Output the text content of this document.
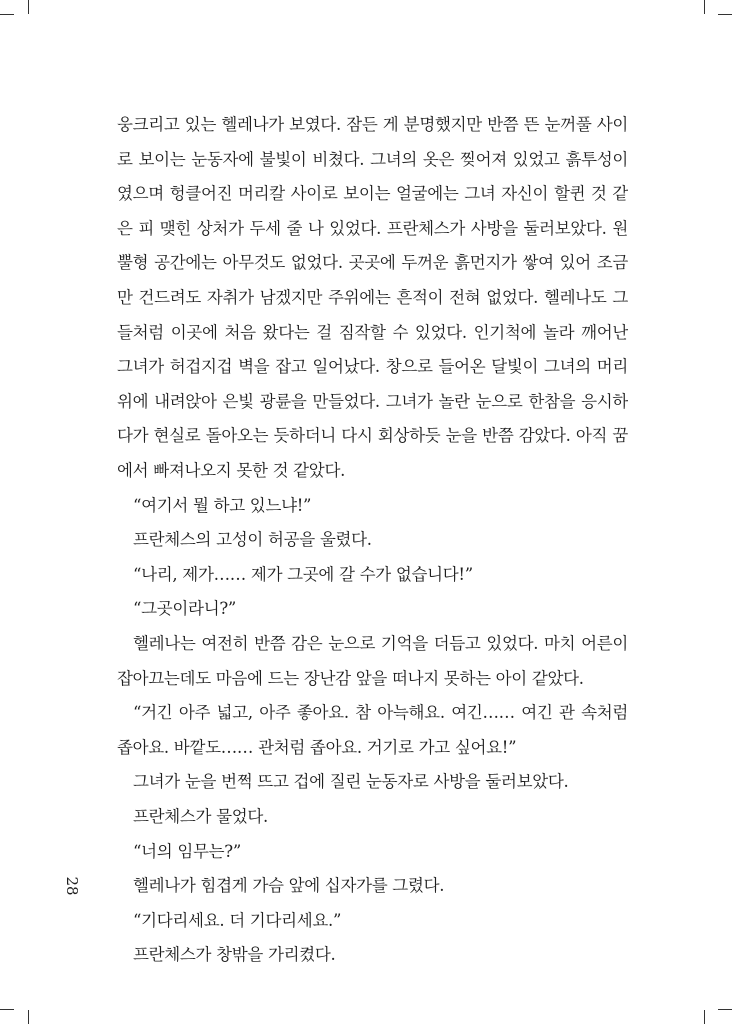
웅크리고 있는 헬레나가 보였다. 잠든 게 분명했지만 반쯤 뜬 눈꺼풀 사이
로 보이는 눈동자에 불빛이 비쳤다. 그녀의 옷은 찢어져 있었고 흙투성이
였으며 헝클어진 머리칼 사이로 보이는 얼굴에는 그녀 자신이 할퀸 것 같
은 피 맺힌 상처가 두세 줄 나 있었다. 프란체스가 사방을 둘러보았다. 원
뿔형 공간에는 아무것도 없었다. 곳곳에 두꺼운 흙먼지가 쌓여 있어 조금
만 건드려도 자취가 남겠지만 주위에는 흔적이 전혀 없었다. 헬레나도 그
들처럼 이곳에 처음 왔다는 걸 짐작할 수 있었다. 인기척에 놀라 깨어난
그녀가 허겁지겁 벽을 잡고 일어났다. 창으로 들어온 달빛이 그녀의 머리
위에 내려앉아 은빛 광륜을 만들었다. 그녀가 놀란 눈으로 한참을 응시하
다가 현실로 돌아오는 듯하더니 다시 회상하듯 눈을 반쯤 감았다. 아직 꿈
에서 빠져나오지 못한 것 같았다.
“여기서 뭘 하고 있느냐!”
프란체스의 고성이 허공을 울렸다.
“나리, 제가…… 제가 그곳에 갈 수가 없습니다!”
“그곳이라니?”
헬레나는 여전히 반쯤 감은 눈으로 기억을 더듬고 있었다. 마치 어른이
잡아끄는데도 마음에 드는 장난감 앞을 떠나지 못하는 아이 같았다.
“거긴 아주 넓고, 아주 좋아요. 참 아늑해요. 여긴…… 여긴 관 속처럼
좁아요. 바깥도…… 관처럼 좁아요. 거기로 가고 싶어요!”
그녀가 눈을 번쩍 뜨고 겁에 질린 눈동자로 사방을 둘러보았다.
프란체스가 물었다.
“너의 임무는?”
헬레나가 힘겹게 가슴 앞에 십자가를 그렸다.
“기다리세요. 더 기다리세요.”
프란체스가 창밖을 가리켰다.
28
